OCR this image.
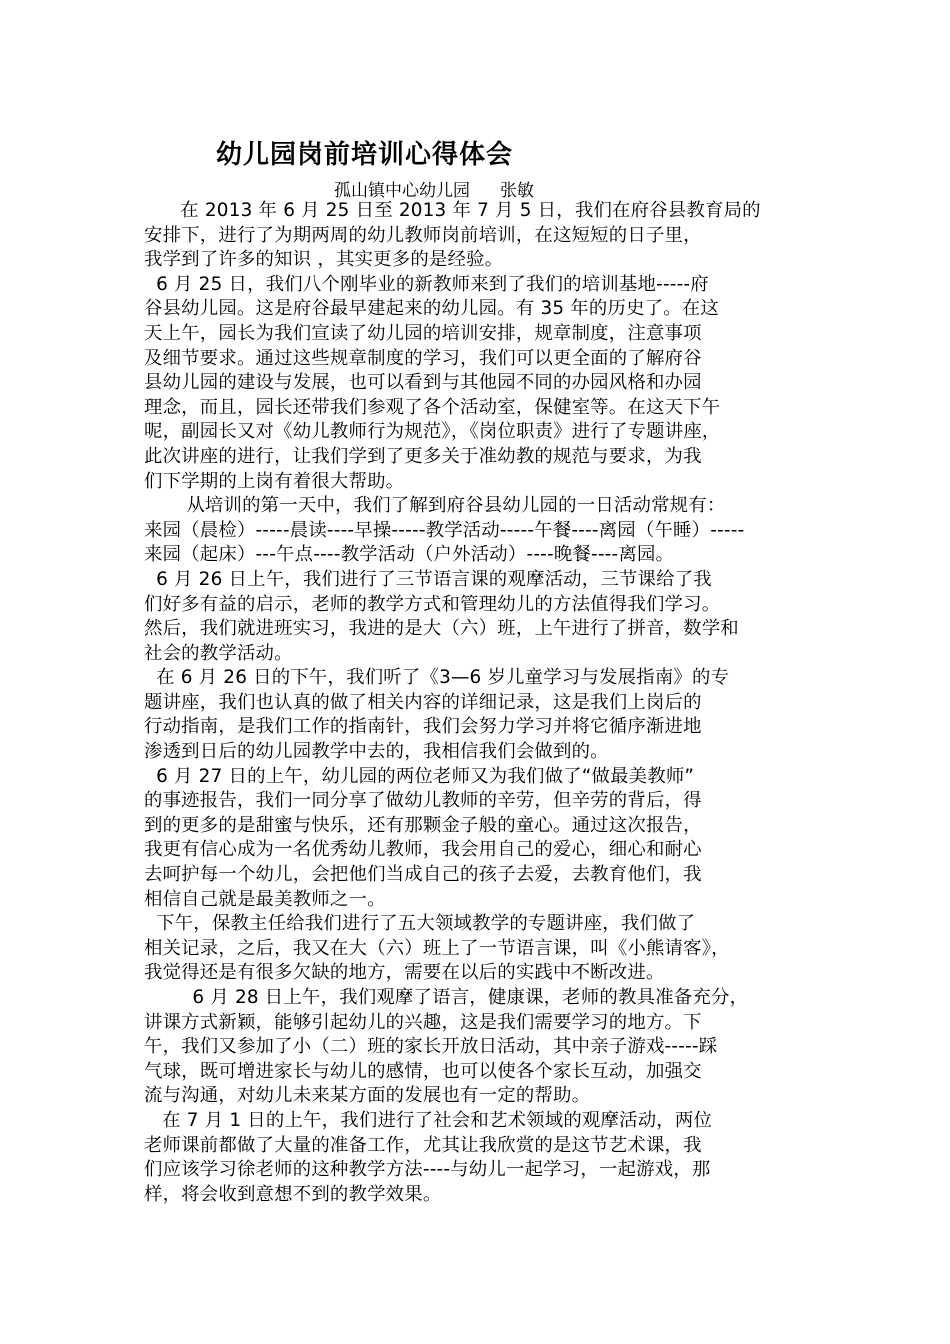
幼儿园岗前培训心得体会
孤山镇中心幼儿园 张敏
在 2013 年 6 月 25 日至 2013 年 7 月 5 日，我们在府谷县教育局的
安排下，进行了为期两周的幼儿教师岗前培训，在这短短的日子里，
我学到了许多的知识 ，其实更多的是经验。
6 月 25 日，我们八个刚毕业的新教师来到了我们的培训基地-----府
谷县幼儿园。这是府谷最早建起来的幼儿园。有 35 年的历史了。在这
天上午，园长为我们宣读了幼儿园的培训安排，规章制度，注意事项
及细节要求。通过这些规章制度的学习，我们可以更全面的了解府谷
县幼儿园的建设与发展，也可以看到与其他园不同的办园风格和办园
理念，而且，园长还带我们参观了各个活动室，保健室等。在这天下午
呢，副园长又对《幼儿教师行为规范》，《岗位职责》进行了专题讲座，
此次讲座的进行，让我们学到了更多关于准幼教的规范与要求，为我
们下学期的上岗有着很大帮助。
从培训的第一天中，我们了解到府谷县幼儿园的一日活动常规有：
来园（晨检）-----晨读----早操-----教学活动-----午餐----离园（午睡）-----
来园（起床）---午点----教学活动（户外活动）----晚餐----离园。
6 月 26 日上午，我们进行了三节语言课的观摩活动，三节课给了我
们好多有益的启示，老师的教学方式和管理幼儿的方法值得我们学习。
然后，我们就进班实习，我进的是大（六）班，上午进行了拼音，数学和
社会的教学活动。
在 6 月 26 日的下午，我们听了《3—6 岁儿童学习与发展指南》的专
题讲座，我们也认真的做了相关内容的详细记录，这是我们上岗后的
行动指南，是我们工作的指南针，我们会努力学习并将它循序渐进地
渗透到日后的幼儿园教学中去的，我相信我们会做到的。
6 月 27 日的上午，幼儿园的两位老师又为我们做了“做最美教师”
的事迹报告，我们一同分享了做幼儿教师的辛劳，但辛劳的背后，得
到的更多的是甜蜜与快乐，还有那颗金子般的童心。通过这次报告，
我更有信心成为一名优秀幼儿教师，我会用自己的爱心，细心和耐心
去呵护每一个幼儿，会把他们当成自己的孩子去爱，去教育他们，我
相信自己就是最美教师之一。
下午，保教主任给我们进行了五大领域教学的专题讲座，我们做了
相关记录，之后，我又在大（六）班上了一节语言课，叫《小熊请客》，
我觉得还是有很多欠缺的地方，需要在以后的实践中不断改进。
6 月 28 日上午，我们观摩了语言，健康课，老师的教具准备充分，
讲课方式新颖，能够引起幼儿的兴趣，这是我们需要学习的地方。下
午，我们又参加了小（二）班的家长开放日活动，其中亲子游戏-----踩
气球，既可增进家长与幼儿的感情，也可以使各个家长互动，加强交
流与沟通，对幼儿未来某方面的发展也有一定的帮助。
在 7 月 1 日的上午，我们进行了社会和艺术领域的观摩活动，两位
老师课前都做了大量的准备工作，尤其让我欣赏的是这节艺术课，我
们应该学习徐老师的这种教学方法----与幼儿一起学习，一起游戏，那
样，将会收到意想不到的教学效果。
